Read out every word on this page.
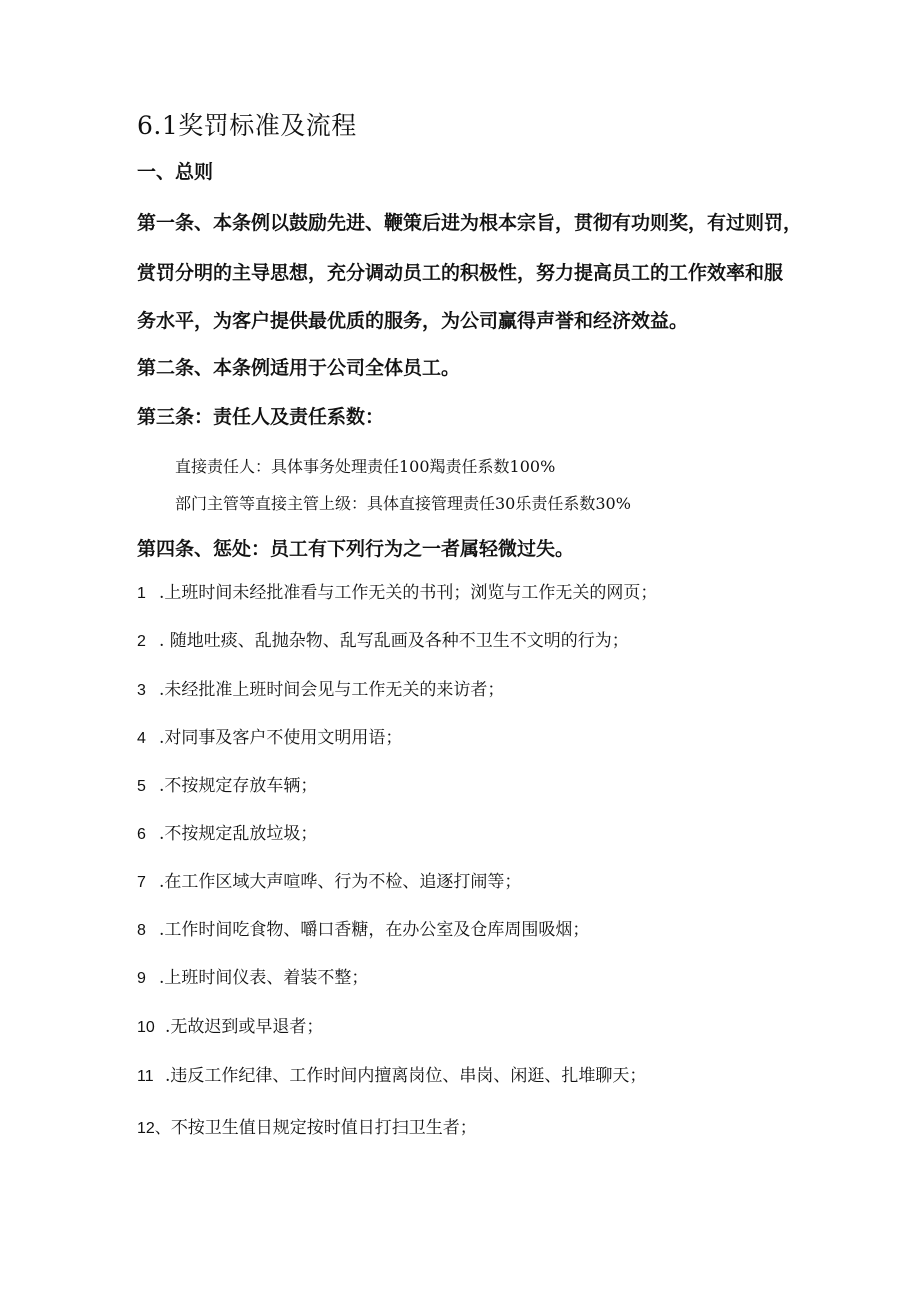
6.1奖罚标准及流程
一、总则
第一条、本条例以鼓励先进、鞭策后进为根本宗旨，贯彻有功则奖，有过则罚，
赏罚分明的主导思想，充分调动员工的积极性，努力提高员工的工作效率和服
务水平，为客户提供最优质的服务，为公司赢得声誉和经济效益。
第二条、本条例适用于公司全体员工。
第三条：责任人及责任系数：
直接责任人：具体事务处理责任100羯责任系数100%
部门主管等直接主管上级：具体直接管理责任30乐责任系数30%
第四条、惩处：员工有下列行为之一者属轻微过失。
1 .上班时间未经批准看与工作无关的书刊；浏览与工作无关的网页；
2 . 随地吐痰、乱抛杂物、乱写乱画及各种不卫生不文明的行为；
3 .未经批准上班时间会见与工作无关的来访者；
4 .对同事及客户不使用文明用语；
5 .不按规定存放车辆；
6 .不按规定乱放垃圾；
7 .在工作区域大声喧哗、行为不检、追逐打闹等；
8 .工作时间吃食物、嚼口香糖，在办公室及仓库周围吸烟；
9 .上班时间仪表、着装不整；
10 .无故迟到或早退者；
11 .违反工作纪律、工作时间内擅离岗位、串岗、闲逛、扎堆聊天；
12、不按卫生值日规定按时值日打扫卫生者；
